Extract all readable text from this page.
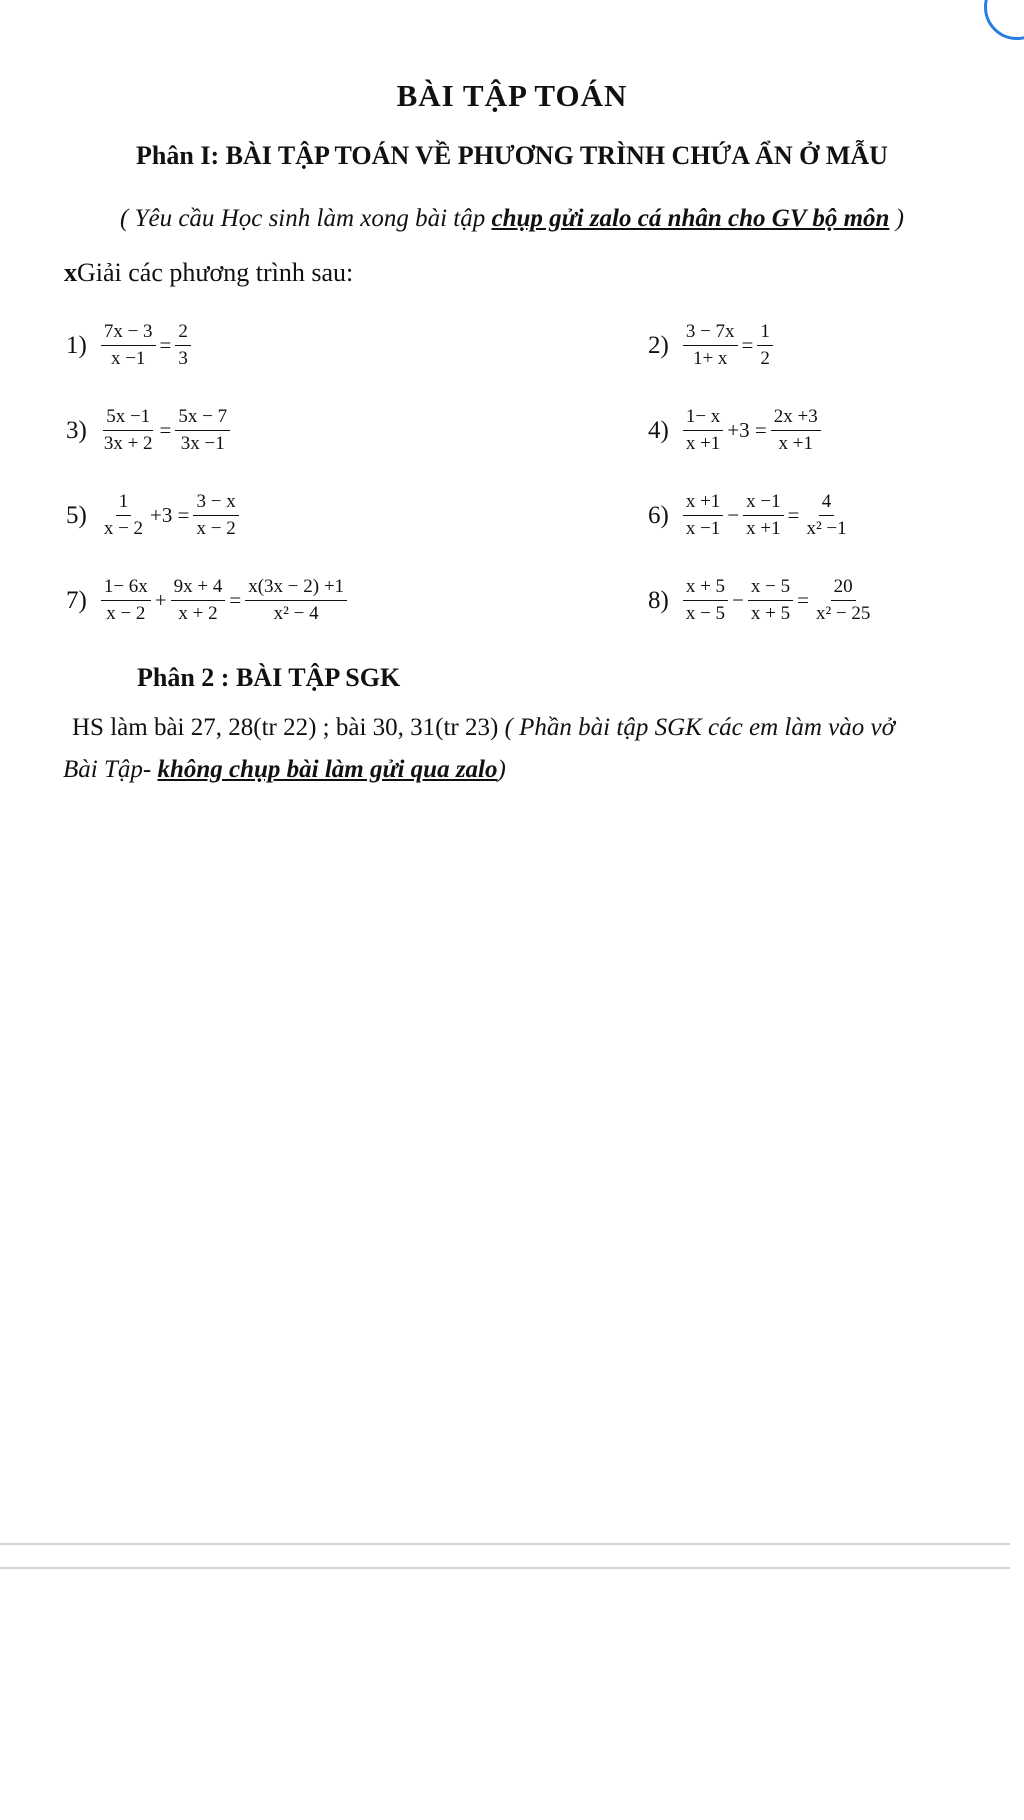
BÀI TẬP TOÁN
Phân I: BÀI TẬP TOÁN VỀ PHƯƠNG TRÌNH CHỨA ẨN Ở MẪU
( Yêu cầu Học sinh làm xong bài tập chụp gửi zalo cá nhân cho GV bộ môn )
xGiải các phương trình sau:
$1) \frac{7x - 3}{x -1} = \frac{2}{3}$	$2) \frac{3 - 7x}{1+ x} = \frac{1}{2}$
$3) \frac{5x -1}{3x + 2} = \frac{5x - 7}{3x -1}$	$4) \frac{1- x}{x +1} +3 = \frac{2x +3}{x +1}$
$5) \frac{1}{x - 2} +3 = \frac{3 - x}{x - 2}$	$6) \frac{x +1}{x -1} - \frac{x -1}{x +1} = \frac{4}{\text{x² −1}}$
$7) \frac{1- 6x}{x - 2} + \frac{9x + 4}{x + 2} = \frac{x(3x - 2) +1}{\text{x² − 4}}$	$8) \frac{x + 5}{x - 5} - \frac{x - 5}{x + 5} = \frac{20}{\text{x² − 25}}$
Phân 2 : BÀI TẬP SGK
HS làm bài 27, 28(tr 22) ; bài 30, 31(tr 23) ( Phần bài tập SGK các em làm vào vở
Bài Tập- không chụp bài làm gửi qua zalo)
